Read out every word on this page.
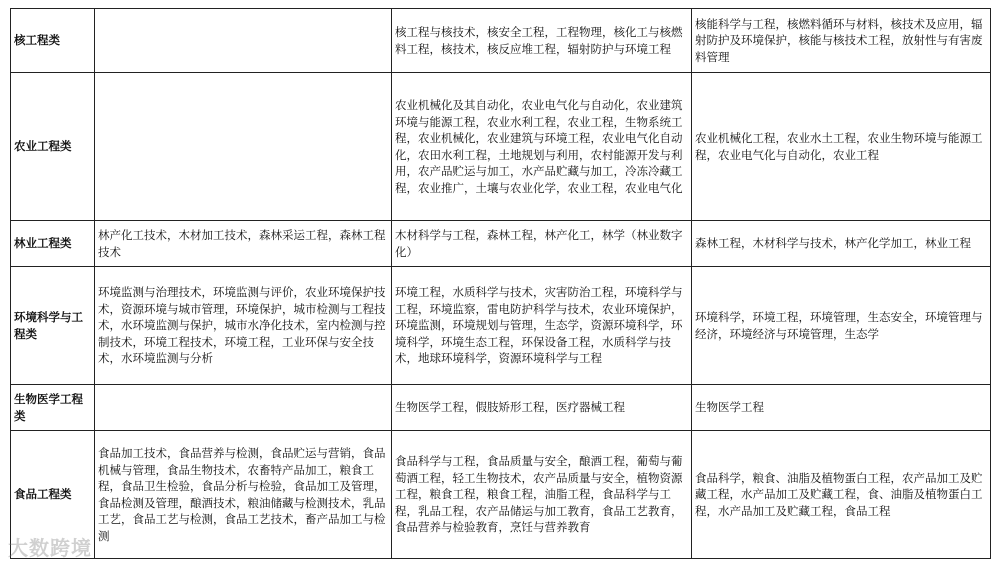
核工程类		核工程与核技术，核安全工程，工程物理，核化工与核燃料工程，核技术，核反应堆工程，辐射防护与环境工程	核能科学与工程，核燃料循环与材料，核技术及应用，辐射防护及环境保护，核能与核技术工程，放射性与有害废料管理
农业工程类		农业机械化及其自动化，农业电气化与自动化，农业建筑环境与能源工程，农业水利工程，农业工程，生物系统工程，农业机械化，农业建筑与环境工程，农业电气化自动化，农田水利工程，土地规划与利用，农村能源开发与利用，农产品贮运与加工，水产品贮藏与加工，冷冻冷藏工程，农业推广，土壤与农业化学，农业工程，农业电气化	农业机械化工程，农业水土工程，农业生物环境与能源工程，农业电气化与自动化，农业工程
林业工程类	林产化工技术，木材加工技术，森林采运工程，森林工程技术	木材科学与工程，森林工程，林产化工，林学（林业数字化）	森林工程，木材科学与技术，林产化学加工，林业工程
环境科学与工程类	环境监测与治理技术，环境监测与评价，农业环境保护技术，资源环境与城市管理，环境保护，城市检测与工程技术，水环境监测与保护，城市水净化技术，室内检测与控制技术，环境工程技术，环境工程，工业环保与安全技术，水环境监测与分析	环境工程，水质科学与技术，灾害防治工程，环境科学与工程，环境监察，雷电防护科学与技术，农业环境保护，环境监测，环境规划与管理，生态学，资源环境科学，环境科学，环境生态工程，环保设备工程，水质科学与技术，地球环境科学，资源环境科学与工程	环境科学，环境工程，环境管理，生态安全，环境管理与经济，环境经济与环境管理，生态学
生物医学工程类		生物医学工程，假肢矫形工程，医疗器械工程	生物医学工程
食品工程类	食品加工技术，食品营养与检测，食品贮运与营销，食品机械与管理，食品生物技术，农畜特产品加工，粮食工程，食品卫生检验，食品分析与检验，食品加工及管理，食品检测及管理，酿酒技术，粮油储藏与检测技术，乳品工艺，食品工艺与检测，食品工艺技术，畜产品加工与检测	食品科学与工程，食品质量与安全，酿酒工程，葡萄与葡萄酒工程，轻工生物技术，农产品质量与安全，植物资源工程，粮食工程，粮食工程，油脂工程，食品科学与工程，乳品工程，农产品储运与加工教育，食品工艺教育，食品营养与检验教育，烹饪与营养教育	食品科学，粮食、油脂及植物蛋白工程，农产品加工及贮藏工程，水产品加工及贮藏工程，食、油脂及植物蛋白工程，水产品加工及贮藏工程，食品工程
大数跨境
